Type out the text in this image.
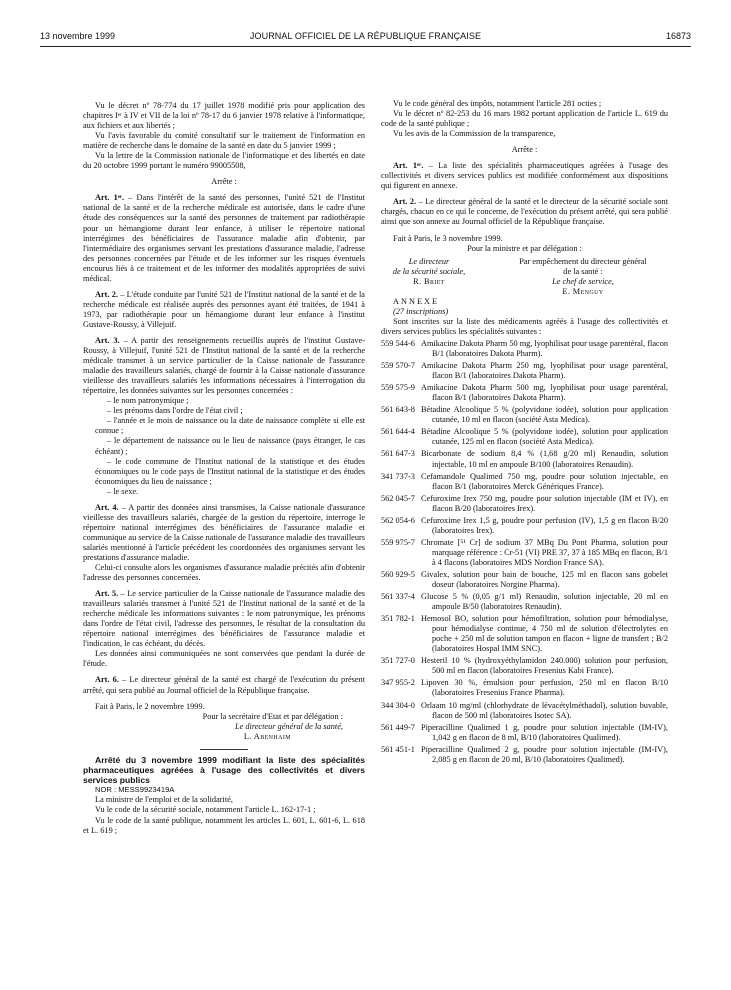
13 novembre 1999	JOURNAL OFFICIEL DE LA RÉPUBLIQUE FRANÇAISE	16873

Vu le décret nº 78-774 du 17 juillet 1978 modifié pris pour application des chapitres Iᵉʳ à IV et VII de la loi nº 78-17 du 6 janvier 1978 relative à l'informatique, aux fichiers et aux libertés ;

Vu l'avis favorable du comité consultatif sur le traitement de l'information en matière de recherche dans le domaine de la santé en date du 5 janvier 1999 ;

Vu la lettre de la Commission nationale de l'informatique et des libertés en date du 20 octobre 1999 portant le numéro 99005508,

Arrête :

Art. 1ᵉʳ. – Dans l'intérêt de la santé des personnes, l'unité 521 de l'Institut national de la santé et de la recherche médicale est autorisée, dans le cadre d'une étude des conséquences sur la santé des personnes de traitement par radiothérapie pour un hémangiome durant leur enfance, à utiliser le répertoire national interrégimes des bénéficiaires de l'assurance maladie afin d'obtenir, par l'intermédiaire des organismes servant les prestations d'assurance maladie, l'adresse des personnes concernées par l'étude et de les informer sur les risques éventuels encourus liés à ce traitement et de les informer des modalités appropriées de suivi médical.

Art. 2. – L'étude conduite par l'unité 521 de l'Institut national de la santé et de la recherche médicale est réalisée auprès des personnes ayant été traitées, de 1941 à 1973, par radiothérapie pour un hémangiome durant leur enfance à l'institut Gustave-Roussy, à Villejuif.

Art. 3. – A partir des renseignements recueillis auprès de l'institut Gustave-Roussy, à Villejuif, l'unité 521 de l'Institut national de la santé et de la recherche médicale transmet à un service particulier de la Caisse nationale de l'assurance maladie des travailleurs salariés, chargé de fournir à la Caisse nationale d'assurance vieillesse des travailleurs salariés les informations nécessaires à l'interrogation du répertoire, les données suivantes sur les personnes concernées :

– le nom patronymique ;

– les prénoms dans l'ordre de l'état civil ;

– l'année et le mois de naissance ou la date de naissance complète si elle est connue ;

– le département de naissance ou le lieu de naissance (pays étranger, le cas échéant) ;

– le code commune de l'Institut national de la statistique et des études économiques ou le code pays de l'Institut national de la statistique et des études économiques du lieu de naissance ;

– le sexe.

Art. 4. – A partir des données ainsi transmises, la Caisse nationale d'assurance vieillesse des travailleurs salariés, chargée de la gestion du répertoire, interroge le répertoire national interrégimes des bénéficiaires de l'assurance maladie et communique au service de la Caisse nationale de l'assurance maladie des travailleurs salariés mentionné à l'article précédent les coordonnées des organismes servant les prestations d'assurance maladie.

Celui-ci consulte alors les organismes d'assurance maladie précités afin d'obtenir l'adresse des personnes concernées.

Art. 5. – Le service particulier de la Caisse nationale de l'assurance maladie des travailleurs salariés transmet à l'unité 521 de l'Institut national de la santé et de la recherche médicale les informations suivantes : le nom patronymique, les prénoms dans l'ordre de l'état civil, l'adresse des personnes, le résultat de la consultation du répertoire national interrégimes des bénéficiaires de l'assurance maladie et l'indication, le cas échéant, du décès.

Les données ainsi communiquées ne sont conservées que pendant la durée de l'étude.

Art. 6. – Le directeur général de la santé est chargé de l'exécution du présent arrêté, qui sera publié au Journal officiel de la République française.

Fait à Paris, le 2 novembre 1999.

Pour la secrétaire d'Etat et par délégation :

Le directeur général de la santé,

L. Abenhaim

Arrêté du 3 novembre 1999 modifiant la liste des spécialités pharmaceutiques agréées à l'usage des collectivités et divers services publics

NOR : MESS9923419A

La ministre de l'emploi et de la solidarité,

Vu le code de la sécurité sociale, notamment l'article L. 162-17-1 ;

Vu le code de la santé publique, notamment les articles L. 601, L. 601-6, L. 618 et L. 619 ;

Vu le code général des impôts, notamment l'article 281 octies ;

Vu le décret nº 82-253 du 16 mars 1982 portant application de l'article L. 619 du code de la santé publique ;

Vu les avis de la Commission de la transparence,

Arrête :

Art. 1ᵉʳ. – La liste des spécialités pharmaceutiques agréées à l'usage des collectivités et divers services publics est modifiée conformément aux dispositions qui figurent en annexe.

Art. 2. – Le directeur général de la santé et le directeur de la sécurité sociale sont chargés, chacun en ce qui le concerne, de l'exécution du présent arrêté, qui sera publié ainsi que son annexe au Journal officiel de la République française.

Fait à Paris, le 3 novembre 1999.

Pour la ministre et par délégation :

Le directeur
de la sécurité sociale,
R. Briet
Par empêchement du directeur général
de la santé :
Le chef de service,
E. Menguy

ANNEXE

(27 inscriptions)

Sont inscrites sur la liste des médicaments agréés à l'usage des collectivités et divers services publics les spécialités suivantes :

559 544-6 Amikacine Dakota Pharm 50 mg, lyophilisat pour usage parentéral, flacon B/1 (laboratoires Dakota Pharm).
559 570-7 Amikacine Dakota Pharm 250 mg, lyophilisat pour usage parentéral, flacon B/1 (laboratoires Dakota Pharm).
559 575-9 Amikacine Dakota Pharm 500 mg, lyophilisat pour usage parentéral, flacon B/1 (laboratoires Dakota Pharm).
561 643-8 Bétadine Alcoolique 5 % (polyvidone iodée), solution pour application cutanée, 10 ml en flacon (société Asta Medica).
561 644-4 Bétadine Alcoolique 5 % (polyvidone iodée), solution pour application cutanée, 125 ml en flacon (société Asta Medica).
561 647-3 Bicarbonate de sodium 8,4 % (1,68 g/20 ml) Renaudin, solution injectable, 10 ml en ampoule B/100 (laboratoires Renaudin).
341 737-3 Cefamandole Qualimed 750 mg, poudre pour solution injectable, en flacon B/1 (laboratoires Merck Génériques France).
562 045-7 Cefuroxime Irex 750 mg, poudre pour solution injectable (IM et IV), en flacon B/20 (laboratoires Irex).
562 054-6 Cefuroxime Irex 1,5 g, poudre pour perfusion (IV), 1,5 g en flacon B/20 (laboratoires Irex).
559 975-7 Chromate [⁵¹ Cr] de sodium 37 MBq Du Pont Pharma, solution pour marquage référence : Cr-51 (VI) PRE 37, 37 à 185 MBq en flacon, B/1 à 4 flacons (laboratoires MDS Nordion France SA).
560 929-5 Givalex, solution pour bain de bouche, 125 ml en flacon sans gobelet doseur (laboratoires Norgine Pharma).
561 337-4 Glucose 5 % (0,05 g/1 ml) Renaudin, solution injectable, 20 ml en ampoule B/50 (laboratoires Renaudin).
351 782-1 Hemosol BO, solution pour hémofiltration, solution pour hémodialyse, pour hémodialyse continue, 4 750 ml de solution d'électrolytes en poche + 250 ml de solution tampon en flacon + ligne de transfert ; B/2 (laboratoires Hospal IMM SNC).
351 727-0 Hesteril 10 % (hydroxyéthylamidon 240.000) solution pour perfusion, 500 ml en flacon (laboratoires Fresenius Kabi France).
347 955-2 Lipoven 30 %, émulsion pour perfusion, 250 ml en flacon B/10 (laboratoires Fresenius France Pharma).
344 304-0 Orlaam 10 mg/ml (chlorhydrate de lévacétylméthadol), solution buvable, flacon de 500 ml (laboratoires Isotec SA).
561 449-7 Piperacilline Qualimed 1 g, poudre pour solution injectable (IM-IV), 1,042 g en flacon de 8 ml, B/10 (laboratoires Qualimed).
561 451-1 Piperacilline Qualimed 2 g, poudre pour solution injectable (IM-IV), 2,085 g en flacon de 20 ml, B/10 (laboratoires Qualimed).
